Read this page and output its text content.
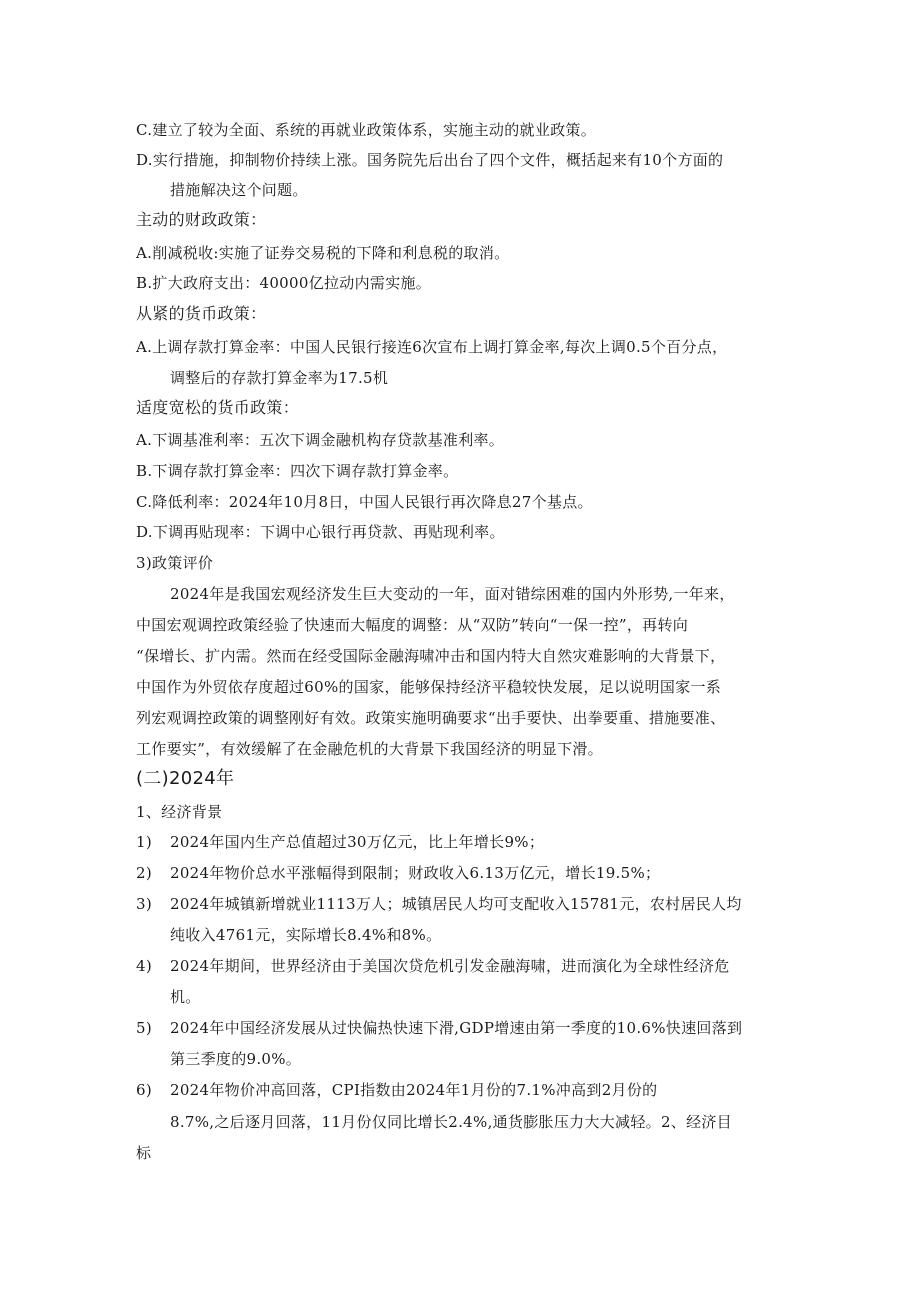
C.建立了较为全面、系统的再就业政策体系，实施主动的就业政策。
D.实行措施，抑制物价持续上涨。国务院先后出台了四个文件，概括起来有10个方面的
措施解决这个问题。
主动的财政政策：
A.削减税收:实施了证券交易税的下降和利息税的取消。
B.扩大政府支出：40000亿拉动内需实施。
从紧的货币政策：
A.上调存款打算金率：中国人民银行接连6次宣布上调打算金率,每次上调0.5个百分点，
调整后的存款打算金率为17.5机
适度宽松的货币政策：
A.下调基准利率：五次下调金融机构存贷款基准利率。
B.下调存款打算金率：四次下调存款打算金率。
C.降低利率：2024年10月8日，中国人民银行再次降息27个基点。
D.下调再贴现率：下调中心银行再贷款、再贴现利率。
3)政策评价
2024年是我国宏观经济发生巨大变动的一年，面对错综困难的国内外形势,一年来，
中国宏观调控政策经验了快速而大幅度的调整：从“双防”转向“一保一控”，再转向
“保增长、扩内需。然而在经受国际金融海啸冲击和国内特大自然灾难影响的大背景下，
中国作为外贸依存度超过60%的国家，能够保持经济平稳较快发展，足以说明国家一系
列宏观调控政策的调整刚好有效。政策实施明确要求“出手要快、出拳要重、措施要准、
工作要实”，有效缓解了在金融危机的大背景下我国经济的明显下滑。
(二)2024年
1、经济背景
1) 2024年国内生产总值超过30万亿元，比上年增长9%；
2) 2024年物价总水平涨幅得到限制；财政收入6.13万亿元，增长19.5%；
3) 2024年城镇新增就业1113万人；城镇居民人均可支配收入15781元，农村居民人均
纯收入4761元，实际增长8.4%和8%。
4) 2024年期间，世界经济由于美国次贷危机引发金融海啸，进而演化为全球性经济危
机。
5) 2024年中国经济发展从过快偏热快速下滑,GDP增速由第一季度的10.6%快速回落到
第三季度的9.0%。
6) 2024年物价冲高回落，CPI指数由2024年1月份的7.1%冲高到2月份的
8.7%,之后逐月回落，11月份仅同比增长2.4%,通货膨胀压力大大减轻。2、经济目
标
